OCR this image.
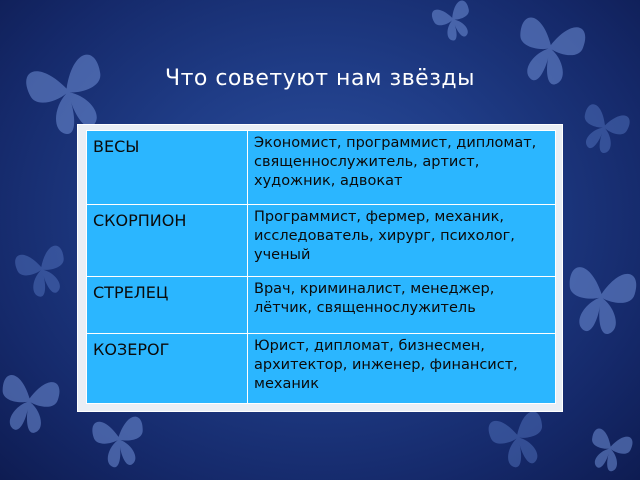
Что советуют нам звёзды
ВЕСЫ	Экономист, программист, дипломат, священнослужитель, артист, художник, адвокат
СКОРПИОН	Программист, фермер, механик, исследователь, хирург, психолог, ученый
СТРЕЛЕЦ	Врач, криминалист, менеджер, лётчик, священнослужитель
КОЗЕРОГ	Юрист, дипломат, бизнесмен, архитектор, инженер, финансист, механик
